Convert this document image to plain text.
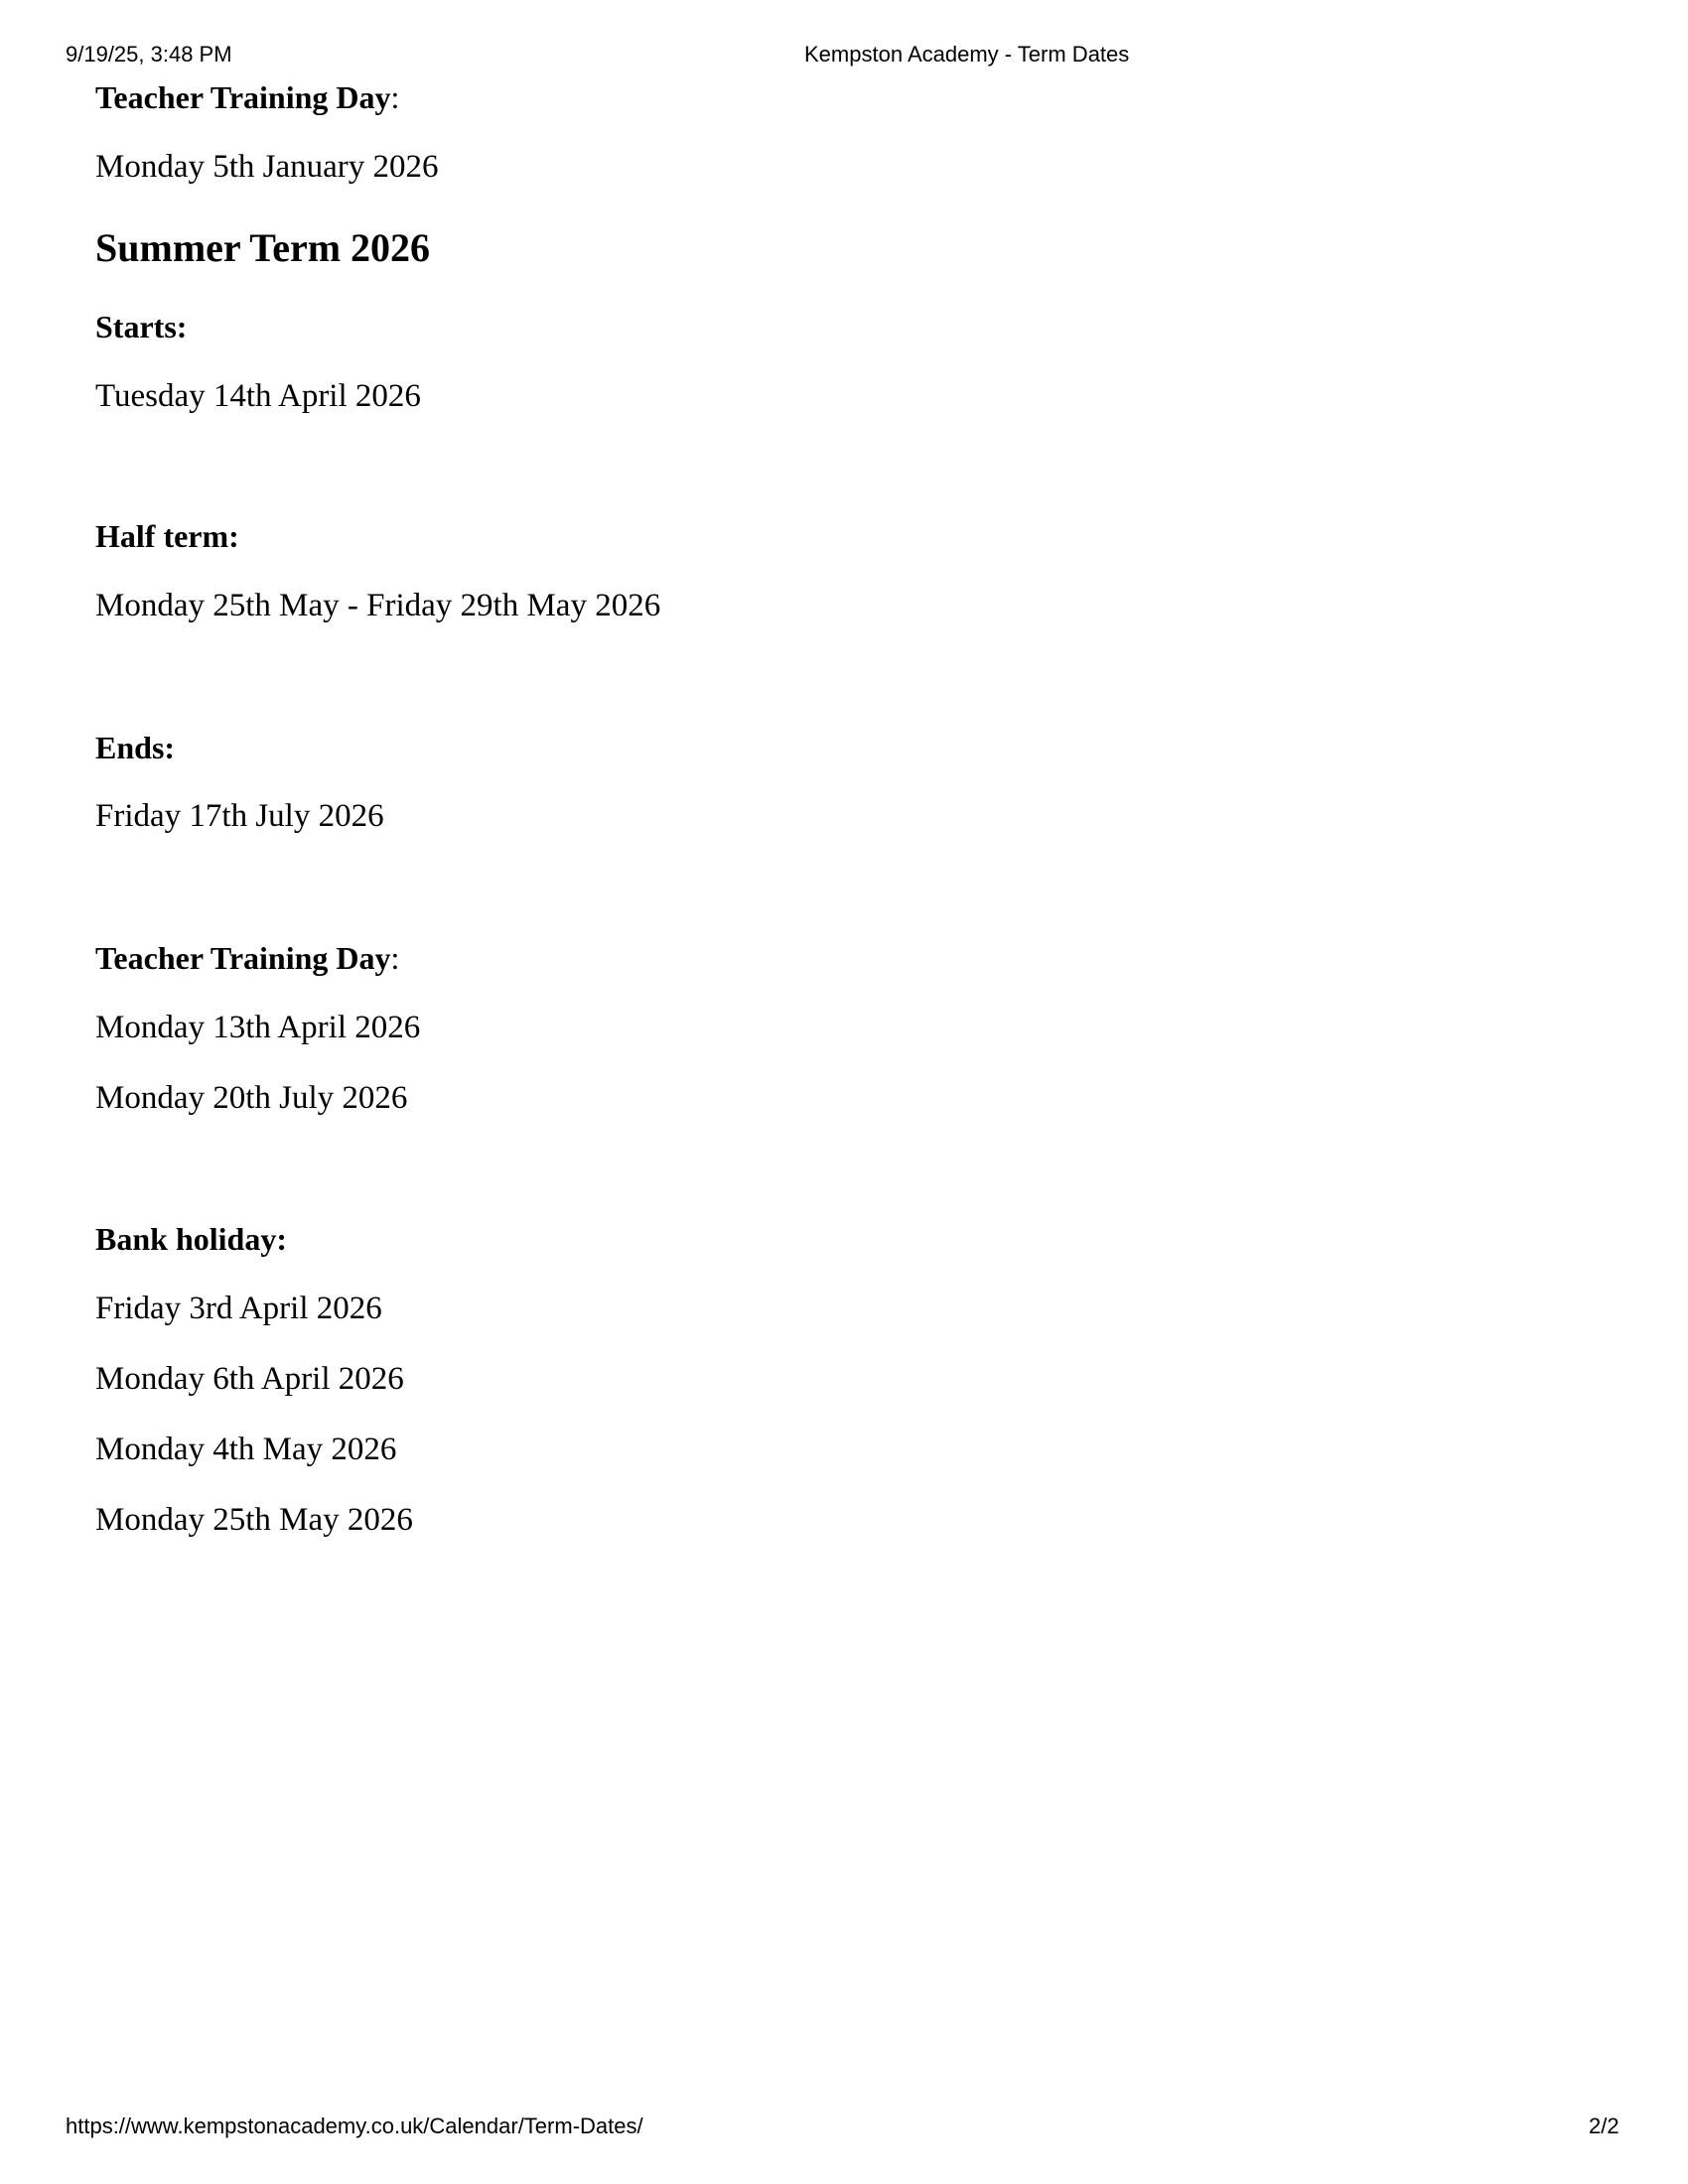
9/19/25, 3:48 PM	Kempston Academy - Term Dates
Teacher Training Day:
Monday 5th January 2026
Summer Term 2026
Starts:
Tuesday 14th April 2026
Half term:
Monday 25th May - Friday 29th May 2026
Ends:
Friday 17th July 2026
Teacher Training Day:
Monday 13th April 2026
Monday 20th July 2026
Bank holiday:
Friday 3rd April 2026
Monday 6th April 2026
Monday 4th May 2026
Monday 25th May 2026
https://www.kempstonacademy.co.uk/Calendar/Term-Dates/	2/2
